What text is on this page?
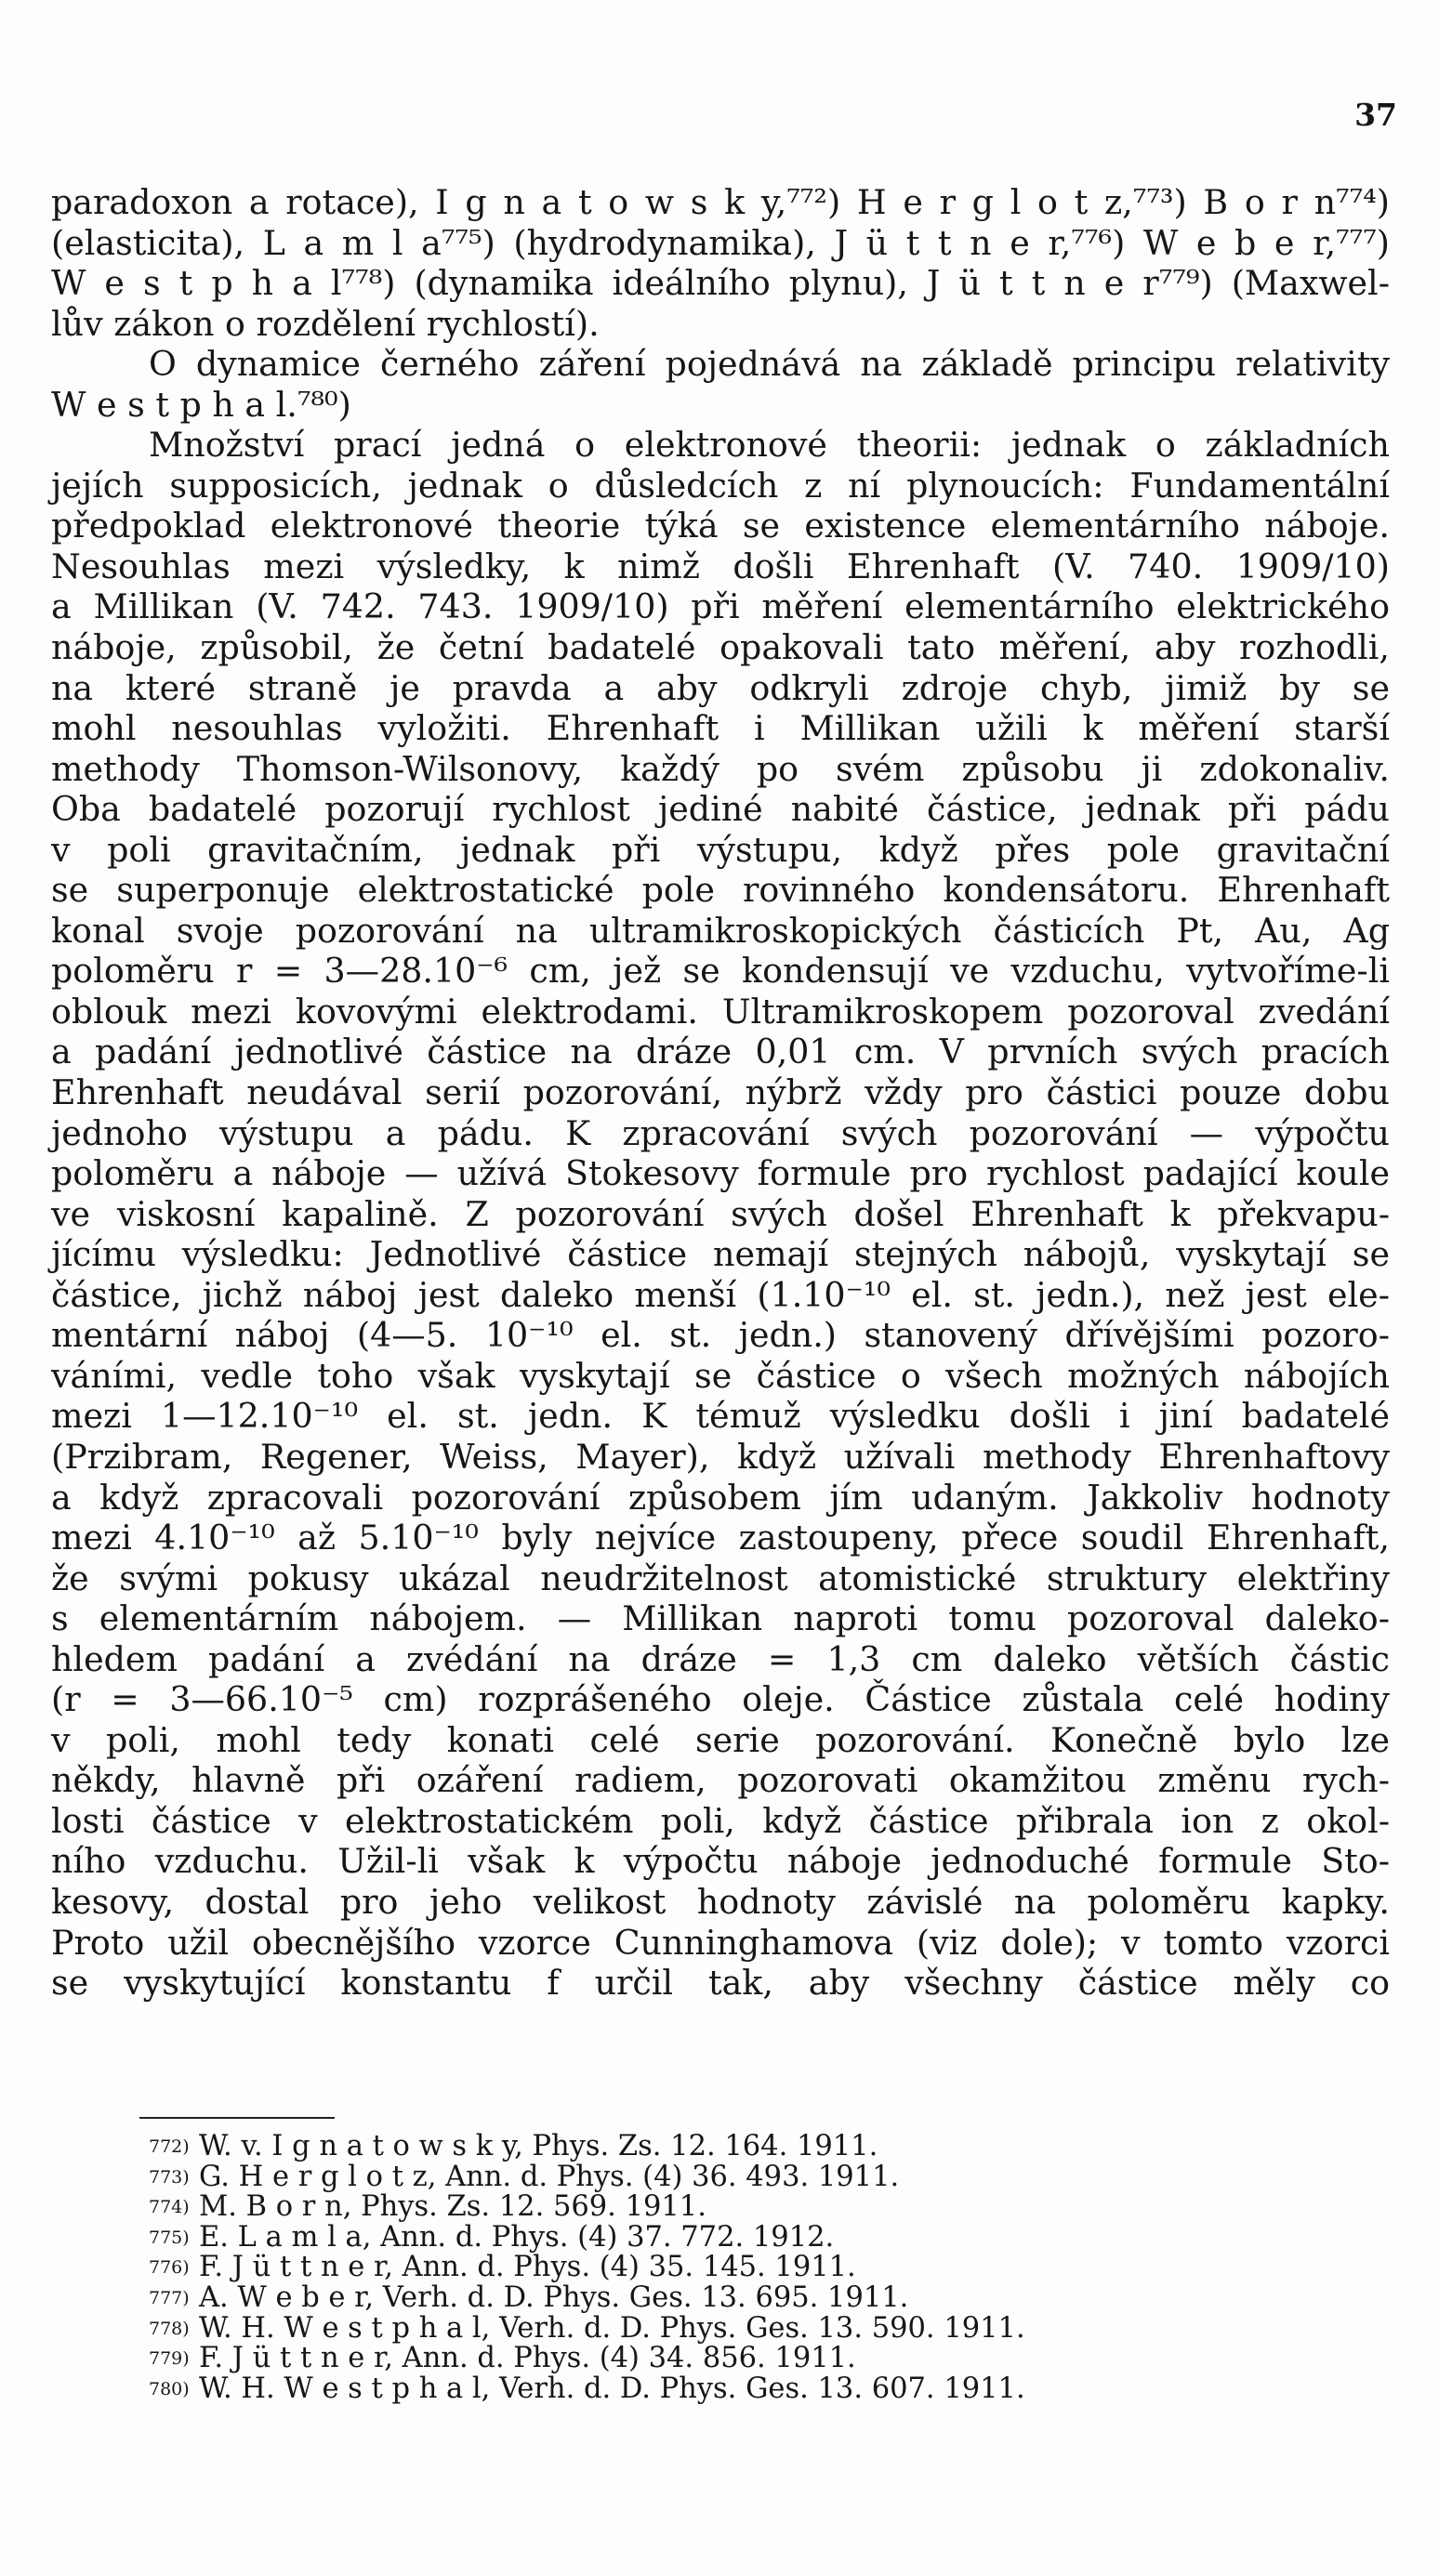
37
paradoxon a rotace), I g n a t o w s k y,⁷⁷²) H e r g l o t z,⁷⁷³) B o r n⁷⁷⁴)
(elasticita), L a m l a⁷⁷⁵) (hydrodynamika), J ü t t n e r,⁷⁷⁶) W e b e r,⁷⁷⁷)
W e s t p h a l⁷⁷⁸) (dynamika ideálního plynu), J ü t t n e r⁷⁷⁹) (Maxwel-
lův zákon o rozdělení rychlostí).
O dynamice černého záření pojednává na základě principu relativity
W e s t p h a l.⁷⁸⁰)
Množství prací jedná o elektronové theorii: jednak o základních
jejích supposicích, jednak o důsledcích z ní plynoucích: Fundamentální
předpoklad elektronové theorie týká se existence elementárního náboje.
Nesouhlas mezi výsledky, k nimž došli Ehrenhaft (V. 740. 1909/10)
a Millikan (V. 742. 743. 1909/10) při měření elementárního elektrického
náboje, způsobil, že četní badatelé opakovali tato měření, aby rozhodli,
na které straně je pravda a aby odkryli zdroje chyb, jimiž by se
mohl nesouhlas vyložiti. Ehrenhaft i Millikan užili k měření starší
methody Thomson-Wilsonovy, každý po svém způsobu ji zdokonaliv.
Oba badatelé pozorují rychlost jediné nabité částice, jednak při pádu
v poli gravitačním, jednak při výstupu, když přes pole gravitační
se superponuje elektrostatické pole rovinného kondensátoru. Ehrenhaft
konal svoje pozorování na ultramikroskopických částicích Pt, Au, Ag
poloměru r = 3—28.10⁻⁶ cm, jež se kondensují ve vzduchu, vytvoříme-li
oblouk mezi kovovými elektrodami. Ultramikroskopem pozoroval zvedání
a padání jednotlivé částice na dráze 0,01 cm. V prvních svých pracích
Ehrenhaft neudával serií pozorování, nýbrž vždy pro částici pouze dobu
jednoho výstupu a pádu. K zpracování svých pozorování — výpočtu
poloměru a náboje — užívá Stokesovy formule pro rychlost padající koule
ve viskosní kapalině. Z pozorování svých došel Ehrenhaft k překvapu-
jícímu výsledku: Jednotlivé částice nemají stejných nábojů, vyskytají se
částice, jichž náboj jest daleko menší (1.10⁻¹⁰ el. st. jedn.), než jest ele-
mentární náboj (4—5. 10⁻¹⁰ el. st. jedn.) stanovený dřívějšími pozoro-
váními, vedle toho však vyskytají se částice o všech možných nábojích
mezi 1—12.10⁻¹⁰ el. st. jedn. K témuž výsledku došli i jiní badatelé
(Przibram, Regener, Weiss, Mayer), když užívali methody Ehrenhaftovy
a když zpracovali pozorování způsobem jím udaným. Jakkoliv hodnoty
mezi 4.10⁻¹⁰ až 5.10⁻¹⁰ byly nejvíce zastoupeny, přece soudil Ehrenhaft,
že svými pokusy ukázal neudržitelnost atomistické struktury elektřiny
s elementárním nábojem. — Millikan naproti tomu pozoroval daleko-
hledem padání a zvédání na dráze = 1,3 cm daleko větších částic
(r = 3—66.10⁻⁵ cm) rozprášeného oleje. Částice zůstala celé hodiny
v poli, mohl tedy konati celé serie pozorování. Konečně bylo lze
někdy, hlavně při ozáření radiem, pozorovati okamžitou změnu rych-
losti částice v elektrostatickém poli, když částice přibrala ion z okol-
ního vzduchu. Užil-li však k výpočtu náboje jednoduché formule Sto-
kesovy, dostal pro jeho velikost hodnoty závislé na poloměru kapky.
Proto užil obecnějšího vzorce Cunninghamova (viz dole); v tomto vzorci
se vyskytující konstantu f určil tak, aby všechny částice měly co
772) W. v. I g n a t o w s k y, Phys. Zs. 12. 164. 1911.
773) G. H e r g l o t z, Ann. d. Phys. (4) 36. 493. 1911.
774) M. B o r n, Phys. Zs. 12. 569. 1911.
775) E. L a m l a, Ann. d. Phys. (4) 37. 772. 1912.
776) F. J ü t t n e r, Ann. d. Phys. (4) 35. 145. 1911.
777) A. W e b e r, Verh. d. D. Phys. Ges. 13. 695. 1911.
778) W. H. W e s t p h a l, Verh. d. D. Phys. Ges. 13. 590. 1911.
779) F. J ü t t n e r, Ann. d. Phys. (4) 34. 856. 1911.
780) W. H. W e s t p h a l, Verh. d. D. Phys. Ges. 13. 607. 1911.
